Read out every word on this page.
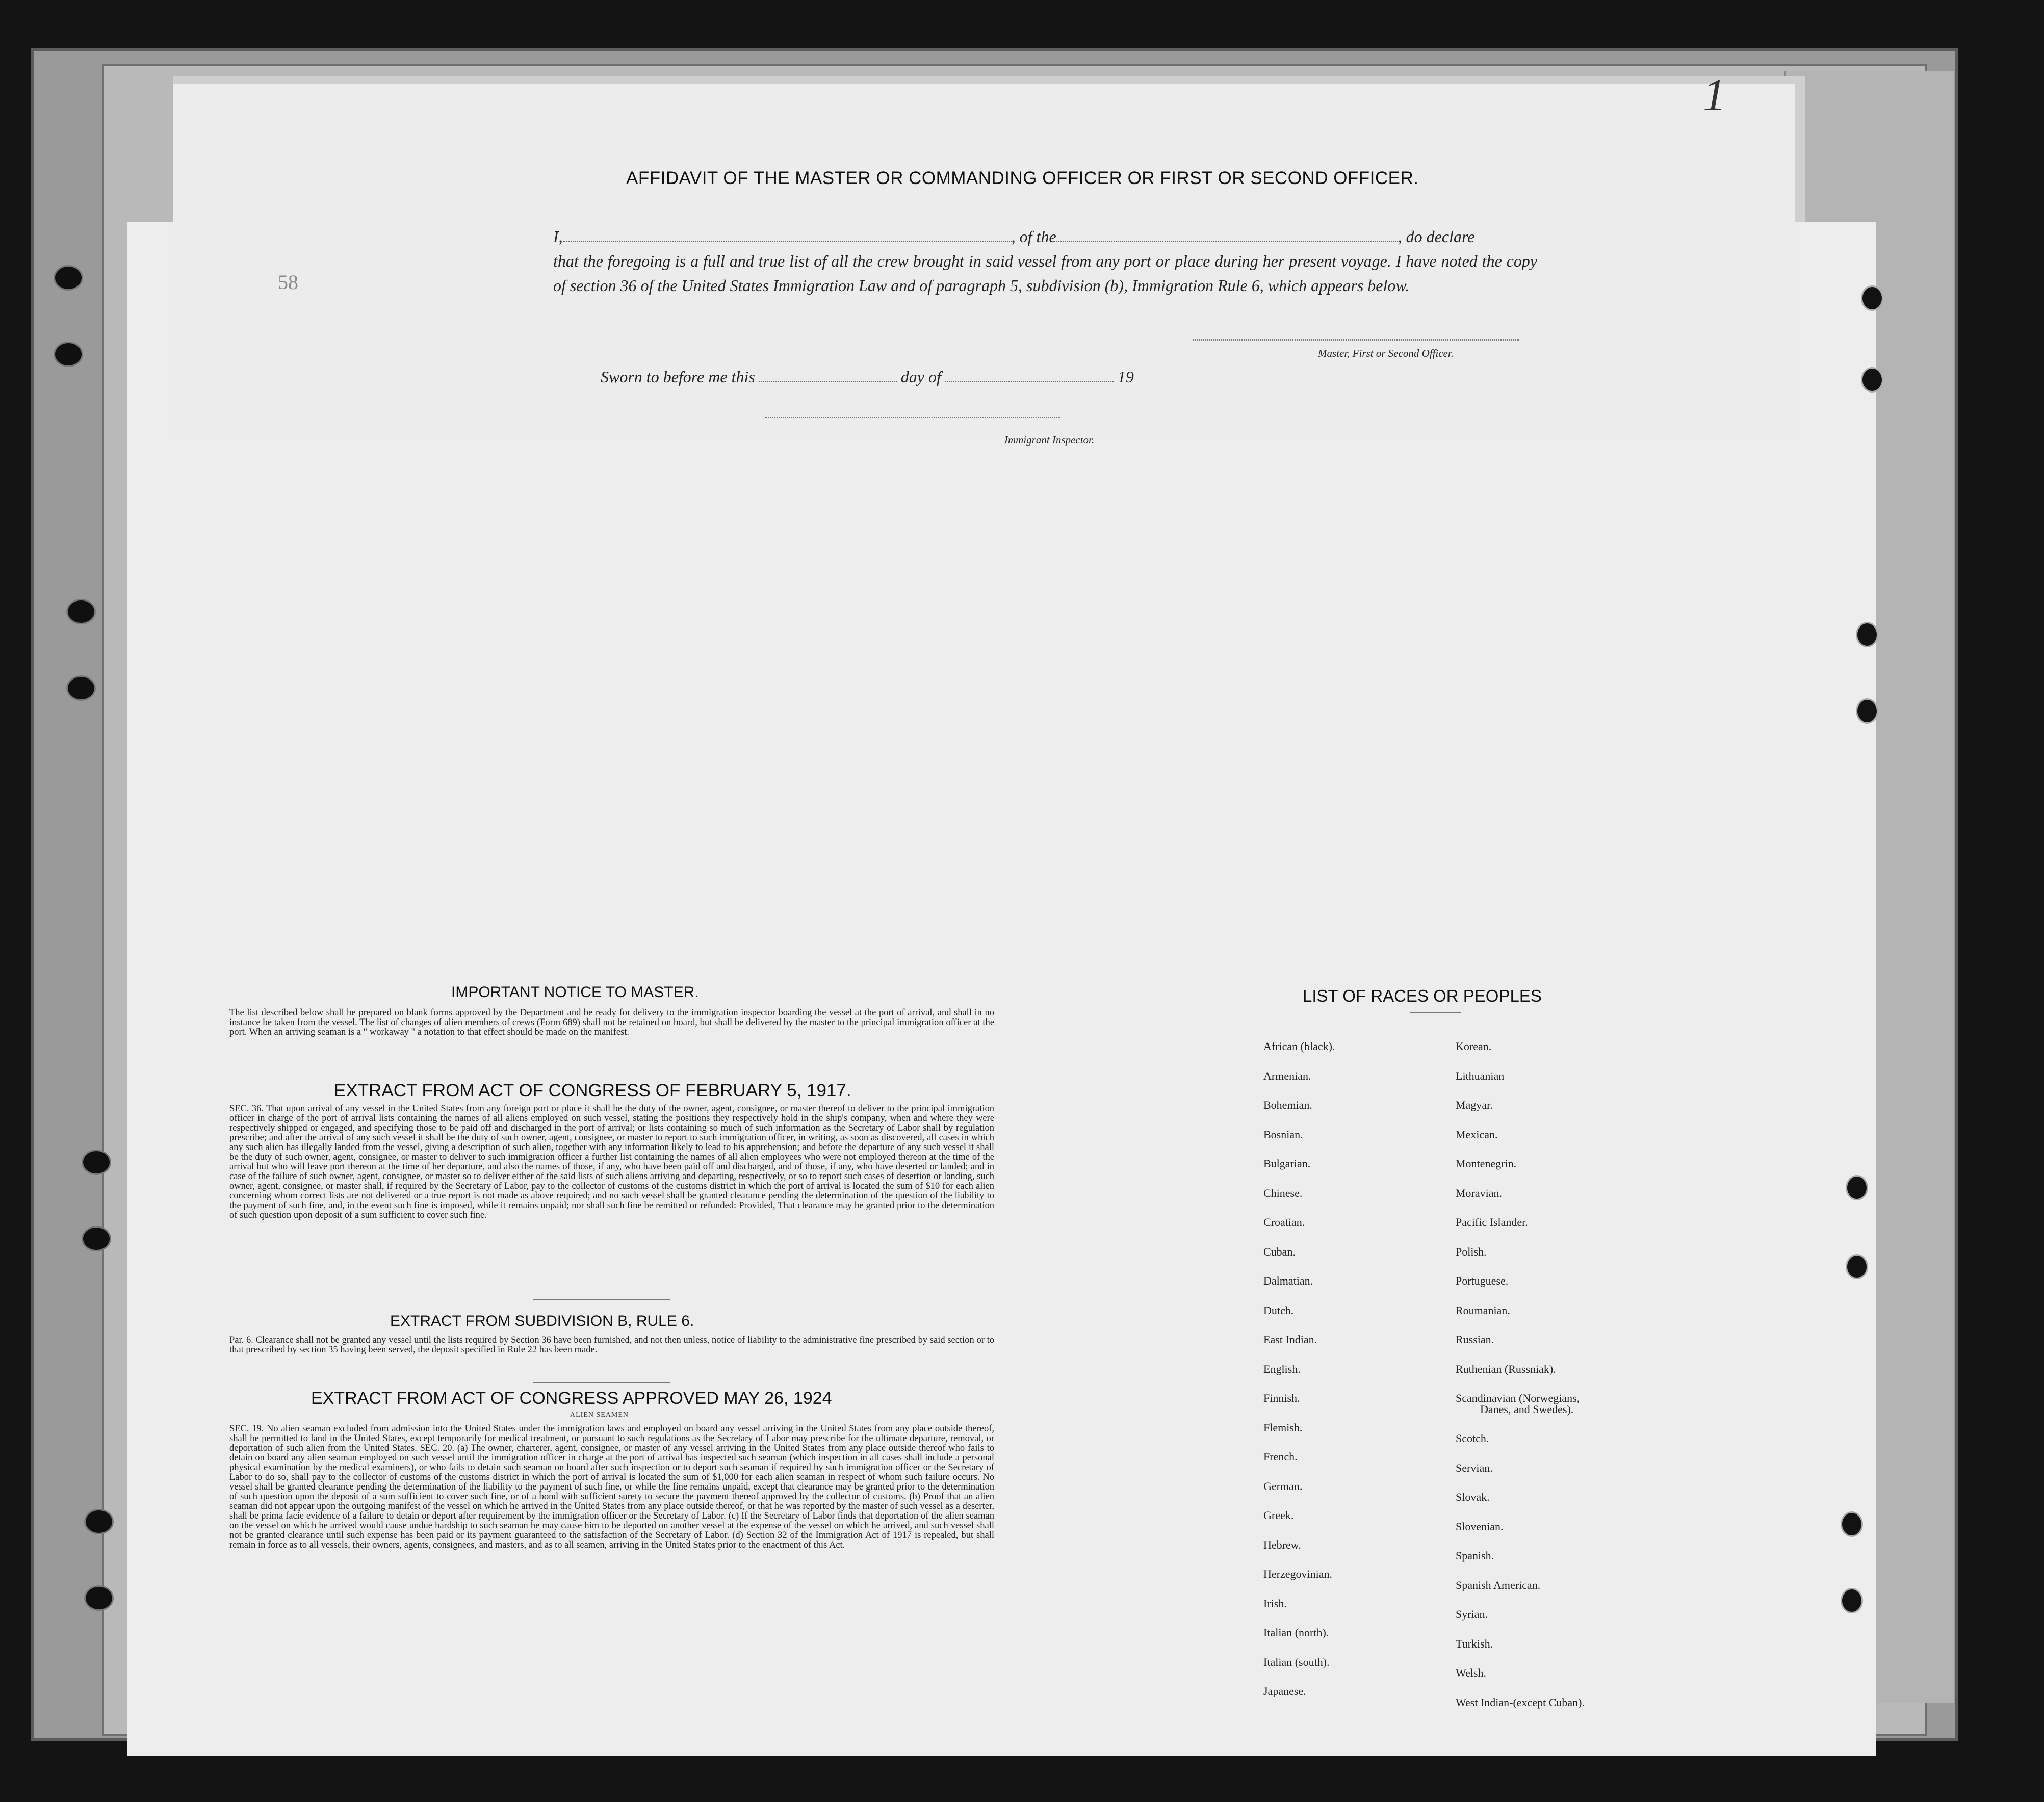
1
58
AFFIDAVIT OF THE MASTER OR COMMANDING OFFICER OR FIRST OR SECOND OFFICER.
I,	, of the	, do declare
that the foregoing is a full and true list of all the crew brought in said vessel from any port or place during her present voyage. I have noted the copy of section 36 of the United States Immigration Law and of paragraph 5, subdivision (b), Immigration Rule 6, which appears below.
Master, First or Second Officer.
Sworn to before me this	day of	19
Immigrant Inspector.
IMPORTANT NOTICE TO MASTER.
The list described below shall be prepared on blank forms approved by the Department and be ready for delivery to the immigration inspector boarding the vessel at the port of arrival, and shall in no instance be taken from the vessel. The list of changes of alien members of crews (Form 689) shall not be retained on board, but shall be delivered by the master to the principal immigration officer at the port. When an arriving seaman is a " workaway " a notation to that effect should be made on the manifest.
EXTRACT FROM ACT OF CONGRESS OF FEBRUARY 5, 1917.
SEC. 36. That upon arrival of any vessel in the United States from any foreign port or place it shall be the duty of the owner, agent, consignee, or master thereof to deliver to the principal immigration officer in charge of the port of arrival lists containing the names of all aliens employed on such vessel, stating the positions they respectively hold in the ship's company, when and where they were respectively shipped or engaged, and specifying those to be paid off and discharged in the port of arrival; or lists containing so much of such information as the Secretary of Labor shall by regulation prescribe; and after the arrival of any such vessel it shall be the duty of such owner, agent, consignee, or master to report to such immigration officer, in writing, as soon as discovered, all cases in which any such alien has illegally landed from the vessel, giving a description of such alien, together with any information likely to lead to his apprehension; and before the departure of any such vessel it shall be the duty of such owner, agent, consignee, or master to deliver to such immigration officer a further list containing the names of all alien employees who were not employed thereon at the time of the arrival but who will leave port thereon at the time of her departure, and also the names of those, if any, who have been paid off and discharged, and of those, if any, who have deserted or landed; and in case of the failure of such owner, agent, consignee, or master so to deliver either of the said lists of such aliens arriving and departing, respectively, or so to report such cases of desertion or landing, such owner, agent, consignee, or master shall, if required by the Secretary of Labor, pay to the collector of customs of the customs district in which the port of arrival is located the sum of $10 for each alien concerning whom correct lists are not delivered or a true report is not made as above required; and no such vessel shall be granted clearance pending the determination of the question of the liability to the payment of such fine, and, in the event such fine is imposed, while it remains unpaid; nor shall such fine be remitted or refunded: Provided, That clearance may be granted prior to the determination of such question upon deposit of a sum sufficient to cover such fine.
EXTRACT FROM SUBDIVISION B, RULE 6.
Par. 6. Clearance shall not be granted any vessel until the lists required by Section 36 have been furnished, and not then unless, notice of liability to the administrative fine prescribed by said section or to that prescribed by section 35 having been served, the deposit specified in Rule 22 has been made.
EXTRACT FROM ACT OF CONGRESS APPROVED MAY 26, 1924
ALIEN SEAMEN
SEC. 19. No alien seaman excluded from admission into the United States under the immigration laws and employed on board any vessel arriving in the United States from any place outside thereof, shall be permitted to land in the United States, except temporarily for medical treatment, or pursuant to such regulations as the Secretary of Labor may prescribe for the ultimate departure, removal, or deportation of such alien from the United States. SEC. 20. (a) The owner, charterer, agent, consignee, or master of any vessel arriving in the United States from any place outside thereof who fails to detain on board any alien seaman employed on such vessel until the immigration officer in charge at the port of arrival has inspected such seaman (which inspection in all cases shall include a personal physical examination by the medical examiners), or who fails to detain such seaman on board after such inspection or to deport such seaman if required by such immigration officer or the Secretary of Labor to do so, shall pay to the collector of customs of the customs district in which the port of arrival is located the sum of $1,000 for each alien seaman in respect of whom such failure occurs. No vessel shall be granted clearance pending the determination of the liability to the payment of such fine, or while the fine remains unpaid, except that clearance may be granted prior to the determination of such question upon the deposit of a sum sufficient to cover such fine, or of a bond with sufficient surety to secure the payment thereof approved by the collector of customs. (b) Proof that an alien seaman did not appear upon the outgoing manifest of the vessel on which he arrived in the United States from any place outside thereof, or that he was reported by the master of such vessel as a deserter, shall be prima facie evidence of a failure to detain or deport after requirement by the immigration officer or the Secretary of Labor. (c) If the Secretary of Labor finds that deportation of the alien seaman on the vessel on which he arrived would cause undue hardship to such seaman he may cause him to be deported on another vessel at the expense of the vessel on which he arrived, and such vessel shall not be granted clearance until such expense has been paid or its payment guaranteed to the satisfaction of the Secretary of Labor. (d) Section 32 of the Immigration Act of 1917 is repealed, but shall remain in force as to all vessels, their owners, agents, consignees, and masters, and as to all seamen, arriving in the United States prior to the enactment of this Act.
LIST OF RACES OR PEOPLES
African (black).
Armenian.
Bohemian.
Bosnian.
Bulgarian.
Chinese.
Croatian.
Cuban.
Dalmatian.
Dutch.
East Indian.
English.
Finnish.
Flemish.
French.
German.
Greek.
Hebrew.
Herzegovinian.
Irish.
Italian (north).
Italian (south).
Japanese.
Korean.
Lithuanian
Magyar.
Mexican.
Montenegrin.
Moravian.
Pacific Islander.
Polish.
Portuguese.
Roumanian.
Russian.
Ruthenian (Russniak).
Scandinavian (Norwegians,
Danes, and Swedes).
Scotch.
Servian.
Slovak.
Slovenian.
Spanish.
Spanish American.
Syrian.
Turkish.
Welsh.
West Indian-(except Cuban).
